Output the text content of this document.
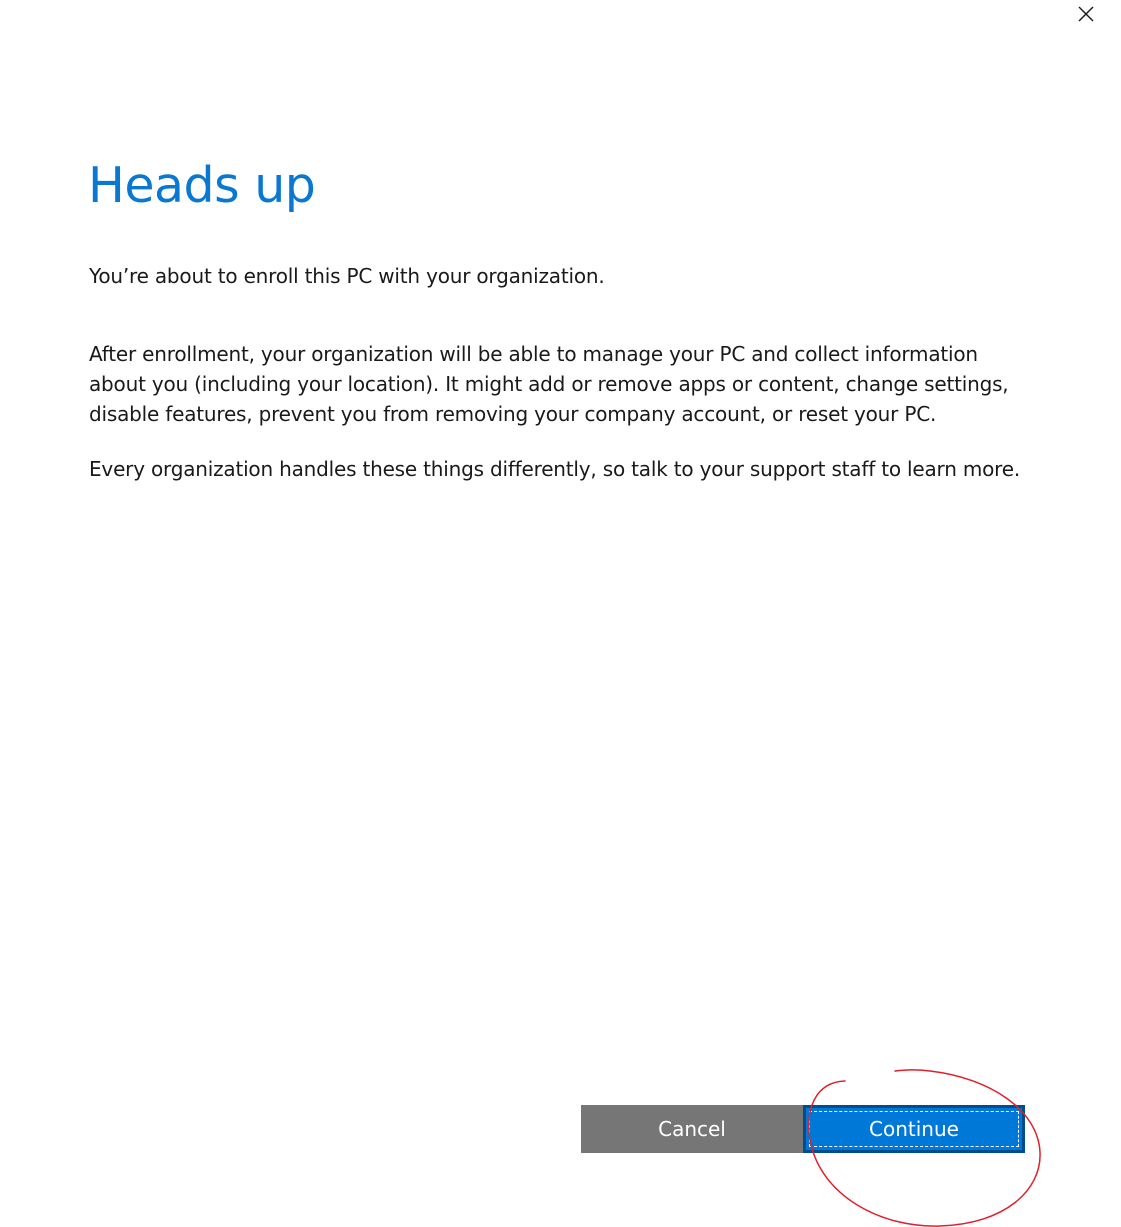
Heads up

You’re about to enroll this PC with your organization.

After enrollment, your organization will be able to manage your PC and collect information about you (including your location). It might add or remove apps or content, change settings, disable features, prevent you from removing your company account, or reset your PC.

Every organization handles these things differently, so talk to your support staff to learn more.

Cancel	Continue
